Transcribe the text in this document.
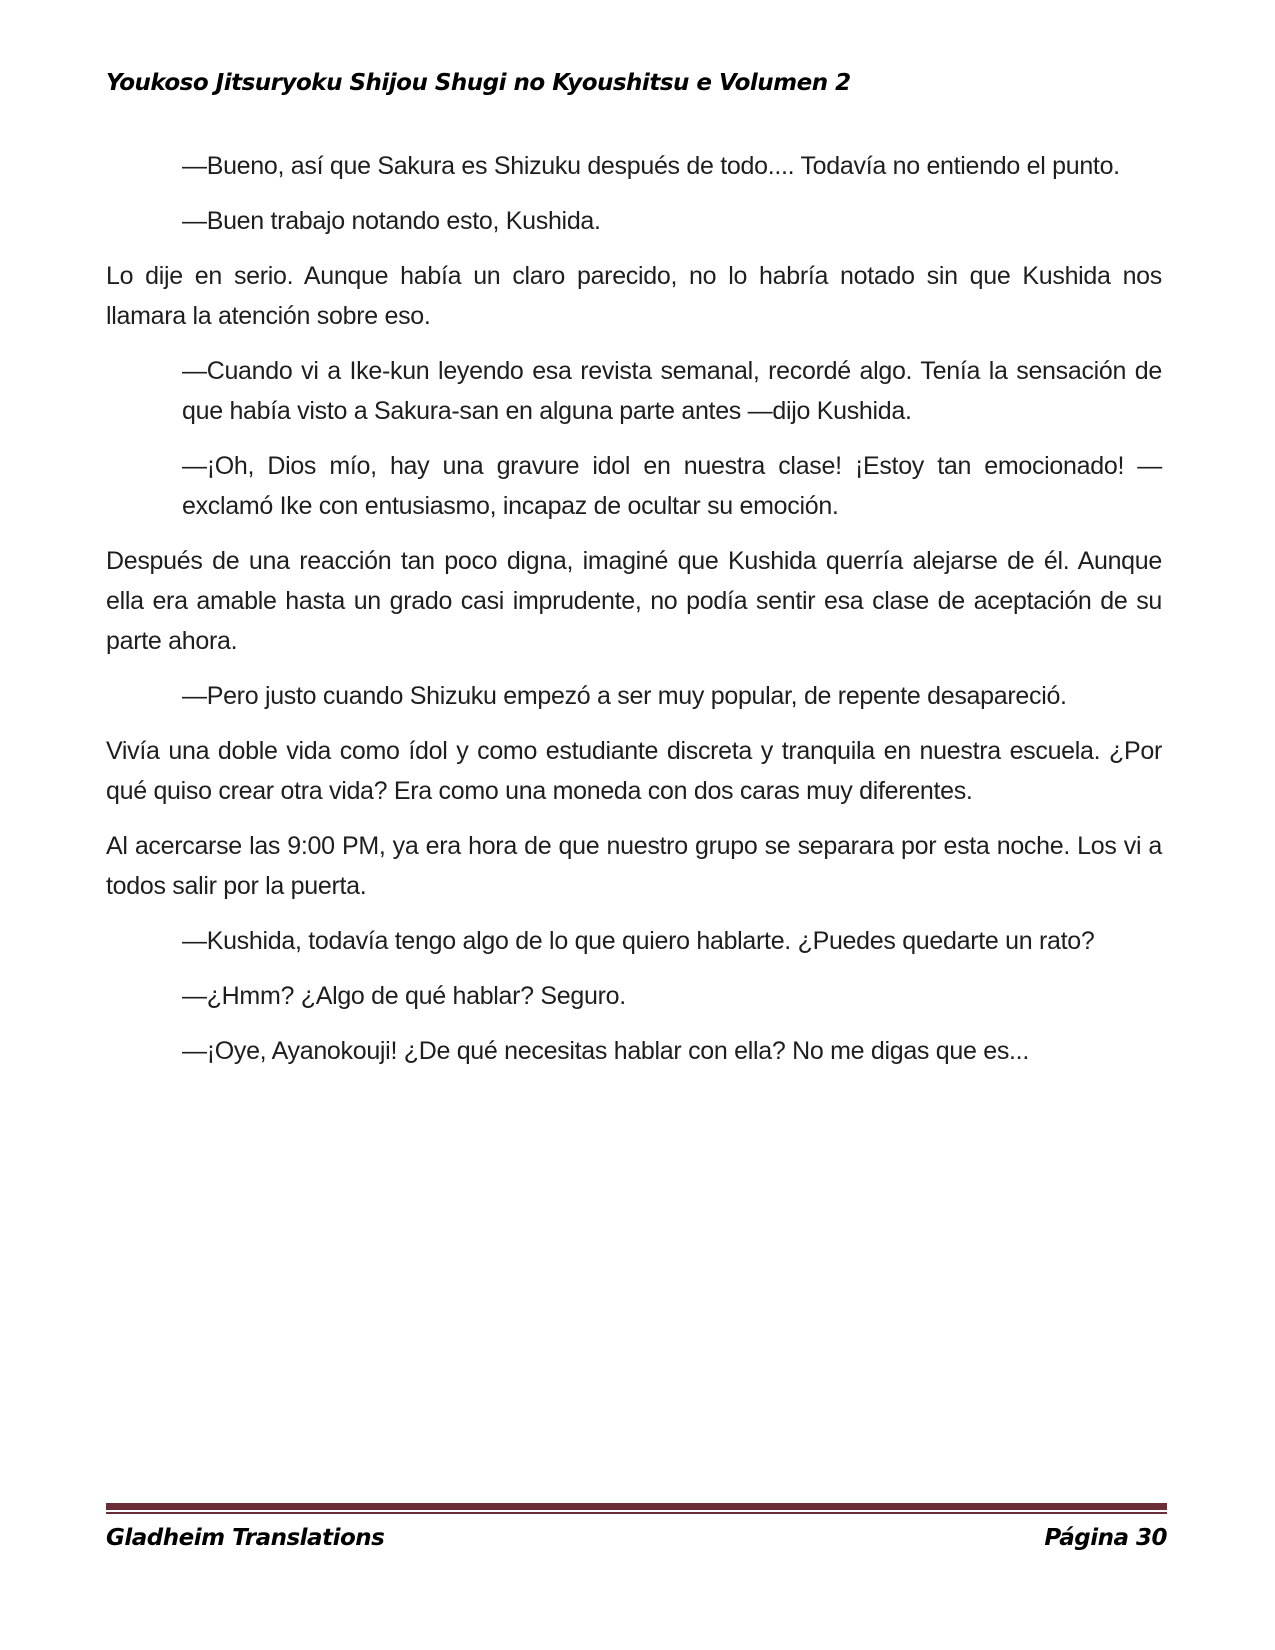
Youkoso Jitsuryoku Shijou Shugi no Kyoushitsu e Volumen 2

—Bueno, así que Sakura es Shizuku después de todo.... Todavía no entiendo el punto.

—Buen trabajo notando esto, Kushida.

Lo dije en serio. Aunque había un claro parecido, no lo habría notado sin que Kushida nos llamara la atención sobre eso.

—Cuando vi a Ike-kun leyendo esa revista semanal, recordé algo. Tenía la sensación de que había visto a Sakura-san en alguna parte antes —dijo Kushida.

—¡Oh, Dios mío, hay una gravure idol en nuestra clase! ¡Estoy tan emocionado! —exclamó Ike con entusiasmo, incapaz de ocultar su emoción.

Después de una reacción tan poco digna, imaginé que Kushida querría alejarse de él. Aunque ella era amable hasta un grado casi imprudente, no podía sentir esa clase de aceptación de su parte ahora.

—Pero justo cuando Shizuku empezó a ser muy popular, de repente desapareció.

Vivía una doble vida como ídol y como estudiante discreta y tranquila en nuestra escuela. ¿Por qué quiso crear otra vida? Era como una moneda con dos caras muy diferentes.

Al acercarse las 9:00 PM, ya era hora de que nuestro grupo se separara por esta noche. Los vi a todos salir por la puerta.

—Kushida, todavía tengo algo de lo que quiero hablarte. ¿Puedes quedarte un rato?

—¿Hmm? ¿Algo de qué hablar? Seguro.

—¡Oye, Ayanokouji! ¿De qué necesitas hablar con ella? No me digas que es...

Gladheim Translations	Página 30
